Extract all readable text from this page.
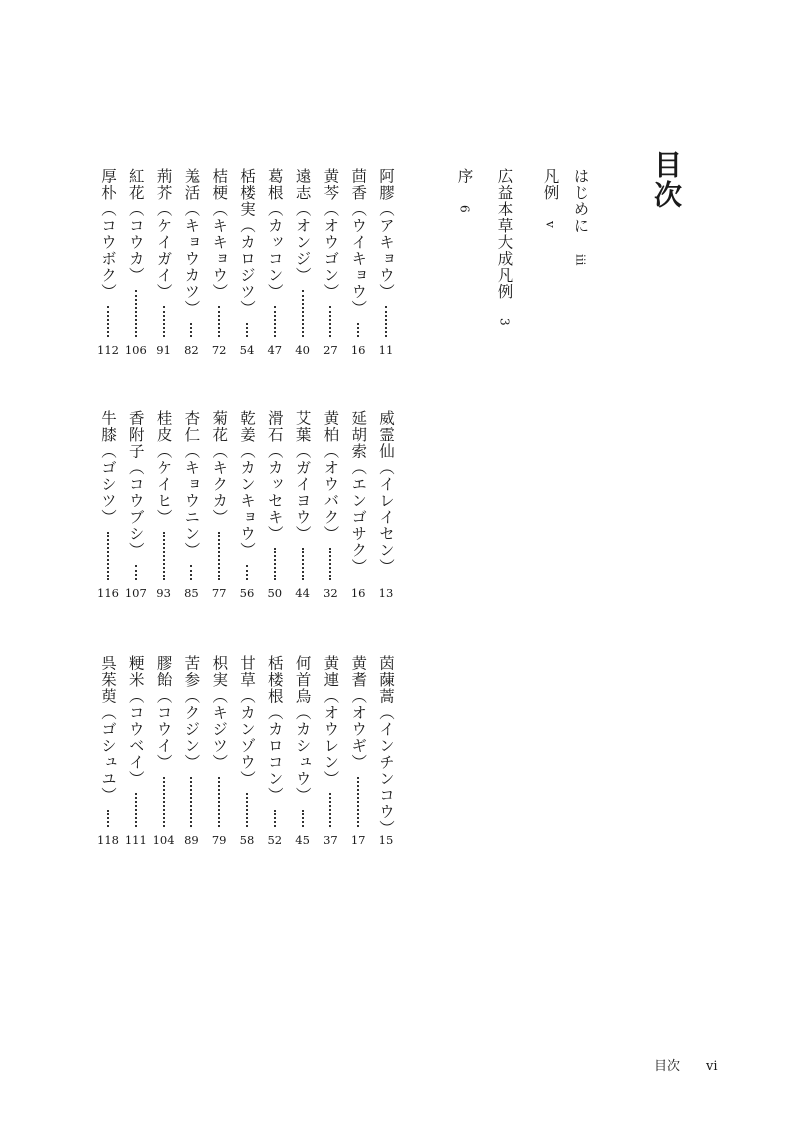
目次
はじめにiii
凡例v
広益本草大成凡例3
序6
阿膠（アキョウ）
11
茴香（ウイキョウ）
16
黄芩（オウゴン）
27
遠志（オンジ）
40
葛根（カッコン）
47
栝楼実（カロジツ）
54
桔梗（キキョウ）
72
羗活（キョウカツ）
82
荊芥（ケイガイ）
91
紅花（コウカ）
106
厚朴（コウボク）
112
威霊仙（イレイセン）
13
延胡索（エンゴサク）
16
黄柏（オウバク）
32
艾葉（ガイヨウ）
44
滑石（カッセキ）
50
乾姜（カンキョウ）
56
菊花（キクカ）
77
杏仁（キョウニン）
85
桂皮（ケイヒ）
93
香附子（コウブシ）
107
牛膝（ゴシツ）
116
茵蔯蒿（インチンコウ）
15
黄耆（オウギ）
17
黄連（オウレン）
37
何首烏（カシュウ）
45
栝楼根（カロコン）
52
甘草（カンゾウ）
58
枳実（キジツ）
79
苦参（クジン）
89
膠飴（コウイ）
104
粳米（コウベイ）
111
呉茱萸（ゴシュユ）
118
目次 vi
